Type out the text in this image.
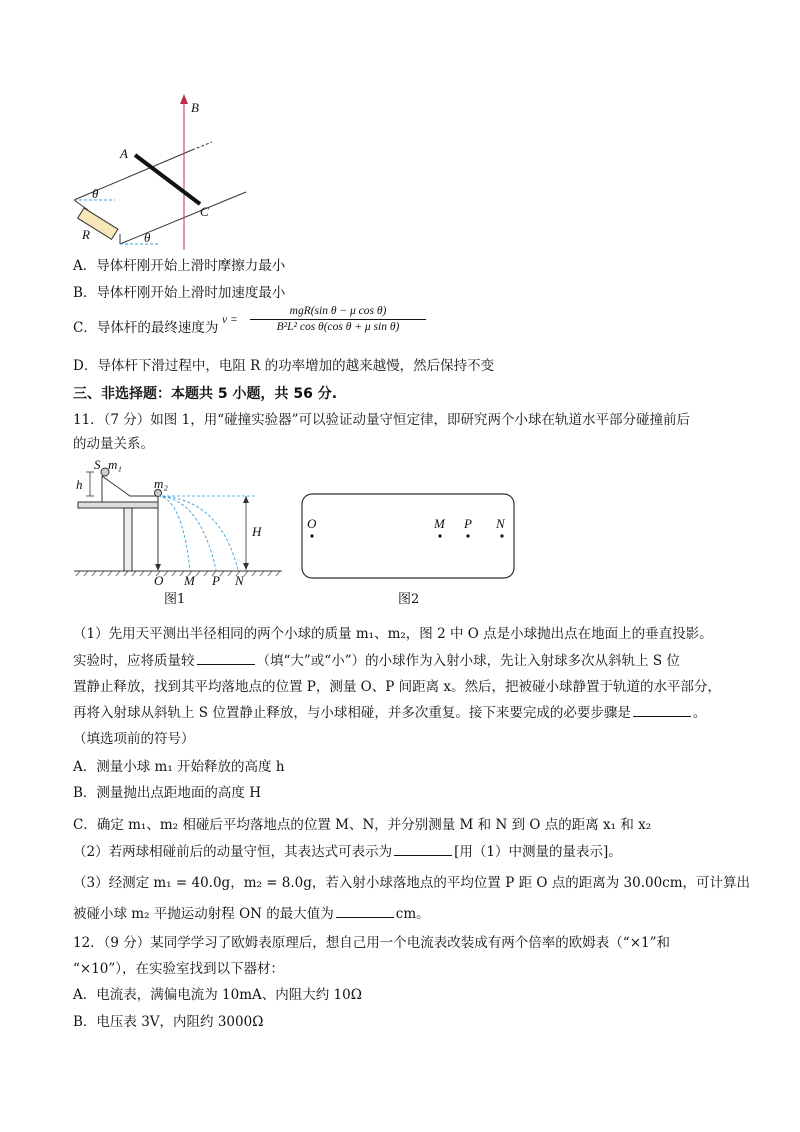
B
A
C
R
θ
θ
A．导体杆刚开始上滑时摩擦力最小
B．导体杆刚开始上滑时加速度最小
C．导体杆的最终速度为 v =
mgR(sin θ − μ cos θ)
B²L² cos θ(cos θ + μ sin θ)
D．导体杆下滑过程中，电阻 R 的功率增加的越来越慢，然后保持不变
三、非选择题：本题共 5 小题，共 56 分.
11．（7 分）如图 1，用“碰撞实验器”可以验证动量守恒定律，即研究两个小球在轨道水平部分碰撞前后
的动量关系。
S m₁
h	m₂
H
O M P N
图1
O	M P N
图2
（1）先用天平测出半径相同的两个小球的质量 m₁、m₂，图 2 中 O 点是小球抛出点在地面上的垂直投影。
实验时，应将质量较	（填“大”或“小”）的小球作为入射小球，先让入射球多次从斜轨上 S 位
置静止释放，找到其平均落地点的位置 P，测量 O、P 间距离 x。然后，把被碰小球静置于轨道的水平部分，
再将入射球从斜轨上 S 位置静止释放，与小球相碰，并多次重复。接下来要完成的必要步骤是	。
（填选项前的符号）
A．测量小球 m₁ 开始释放的高度 h
B．测量抛出点距地面的高度 H
C．确定 m₁、m₂ 相碰后平均落地点的位置 M、N，并分别测量 M 和 N 到 O 点的距离 x₁ 和 x₂
（2）若两球相碰前后的动量守恒，其表达式可表示为	[用（1）中测量的量表示]。
（3）经测定 m₁ = 40.0g，m₂ = 8.0g，若入射小球落地点的平均位置 P 距 O 点的距离为 30.00cm，可计算出
被碰小球 m₂ 平抛运动射程 ON 的最大值为	cm。
12．（9 分）某同学学习了欧姆表原理后，想自己用一个电流表改装成有两个倍率的欧姆表（“×1”和
“×10”），在实验室找到以下器材：
A．电流表，满偏电流为 10mA、内阻大约 10Ω
B．电压表 3V，内阻约 3000Ω
